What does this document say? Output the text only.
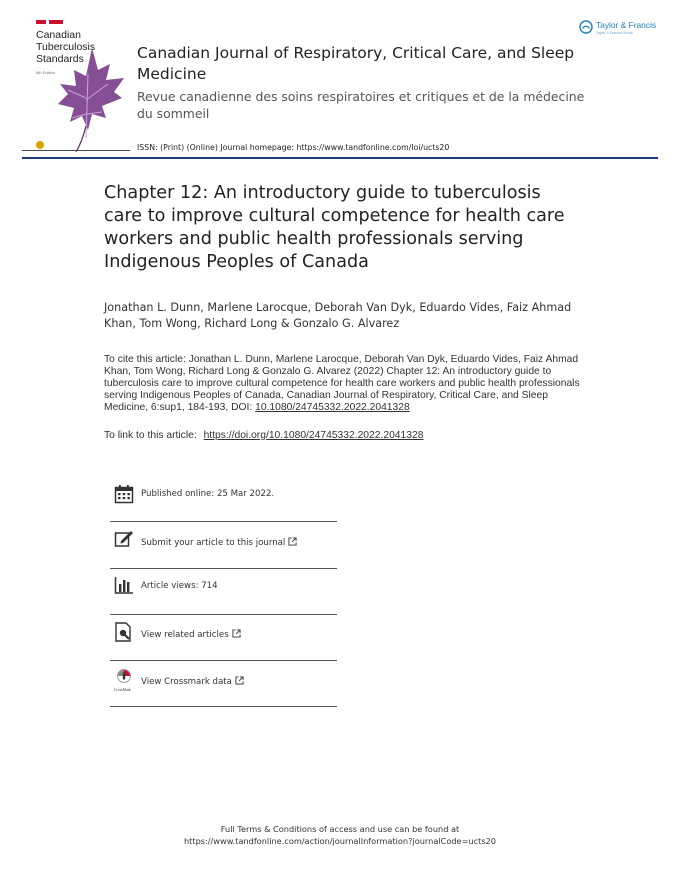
Canadian
Tuberculosis
Standards
8th Edition
Canadian Journal of Respiratory, Critical Care, and Sleep Medicine
Revue canadienne des soins respiratoires et critiques et de la médecine du sommeil
ISSN: (Print) (Online) Journal homepage: https://www.tandfonline.com/loi/ucts20
Taylor & Francis
Taylor & Francis Group
Chapter 12: An introductory guide to tuberculosis care to improve cultural competence for health care workers and public health professionals serving Indigenous Peoples of Canada
Jonathan L. Dunn, Marlene Larocque, Deborah Van Dyk, Eduardo Vides, Faiz Ahmad Khan, Tom Wong, Richard Long & Gonzalo G. Alvarez
To cite this article: Jonathan L. Dunn, Marlene Larocque, Deborah Van Dyk, Eduardo Vides, Faiz Ahmad Khan, Tom Wong, Richard Long & Gonzalo G. Alvarez (2022) Chapter 12: An introductory guide to tuberculosis care to improve cultural competence for health care workers and public health professionals serving Indigenous Peoples of Canada, Canadian Journal of Respiratory, Critical Care, and Sleep Medicine, 6:sup1, 184-193, DOI: 10.1080/24745332.2022.2041328
To link to this article: https://doi.org/10.1080/24745332.2022.2041328
Published online: 25 Mar 2022.
Submit your article to this journal
Article views: 714
View related articles
CrossMark
View Crossmark data
Full Terms & Conditions of access and use can be found at
https://www.tandfonline.com/action/journalInformation?journalCode=ucts20
